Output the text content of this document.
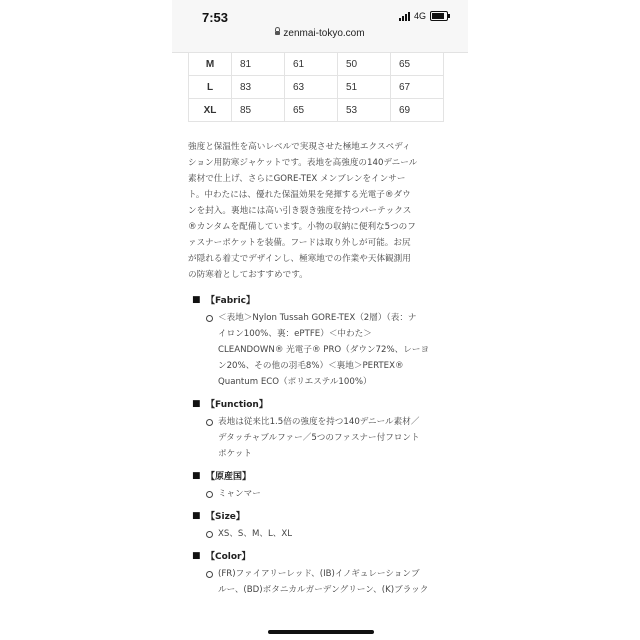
7:53	4G
zenmai-tokyo.com
M	81	61	50	65
L	83	63	51	67
XL	85	65	53	69
強度と保温性を高いレベルで実現させた極地エクスペディ
ション用防寒ジャケットです。表地を高強度の140デニール
素材で仕上げ、さらにGORE-TEX メンブレンをインサー
ト。中わたには、優れた保温効果を発揮する光電子®ダウ
ンを封入。裏地には高い引き裂き強度を持つパーテックス
®カンタムを配備しています。小物の収納に便利な5つのフ
ァスナーポケットを装備。フードは取り外しが可能。お尻
が隠れる着丈でデザインし、極寒地での作業や天体観測用
の防寒着としておすすめです。
■ 【Fabric】
＜表地＞Nylon Tussah GORE-TEX（2層）（表：ナ
イロン100%、裏：ePTFE）＜中わた＞
CLEANDOWN® 光電子® PRO（ダウン72%、レーヨ
ン20%、その他の羽毛8%）＜裏地＞PERTEX®
Quantum ECO（ポリエステル100%）
■ 【Function】
表地は従来比1.5倍の強度を持つ140デニール素材／
デタッチャブルファー／5つのファスナー付フロント
ポケット
■ 【原産国】
ミャンマー
■ 【Size】
XS、S、M、L、XL
■ 【Color】
(FR)ファイアリーレッド、(IB)イノギュレーションブ
ルー、(BD)ボタニカルガーデングリーン、(K)ブラック
